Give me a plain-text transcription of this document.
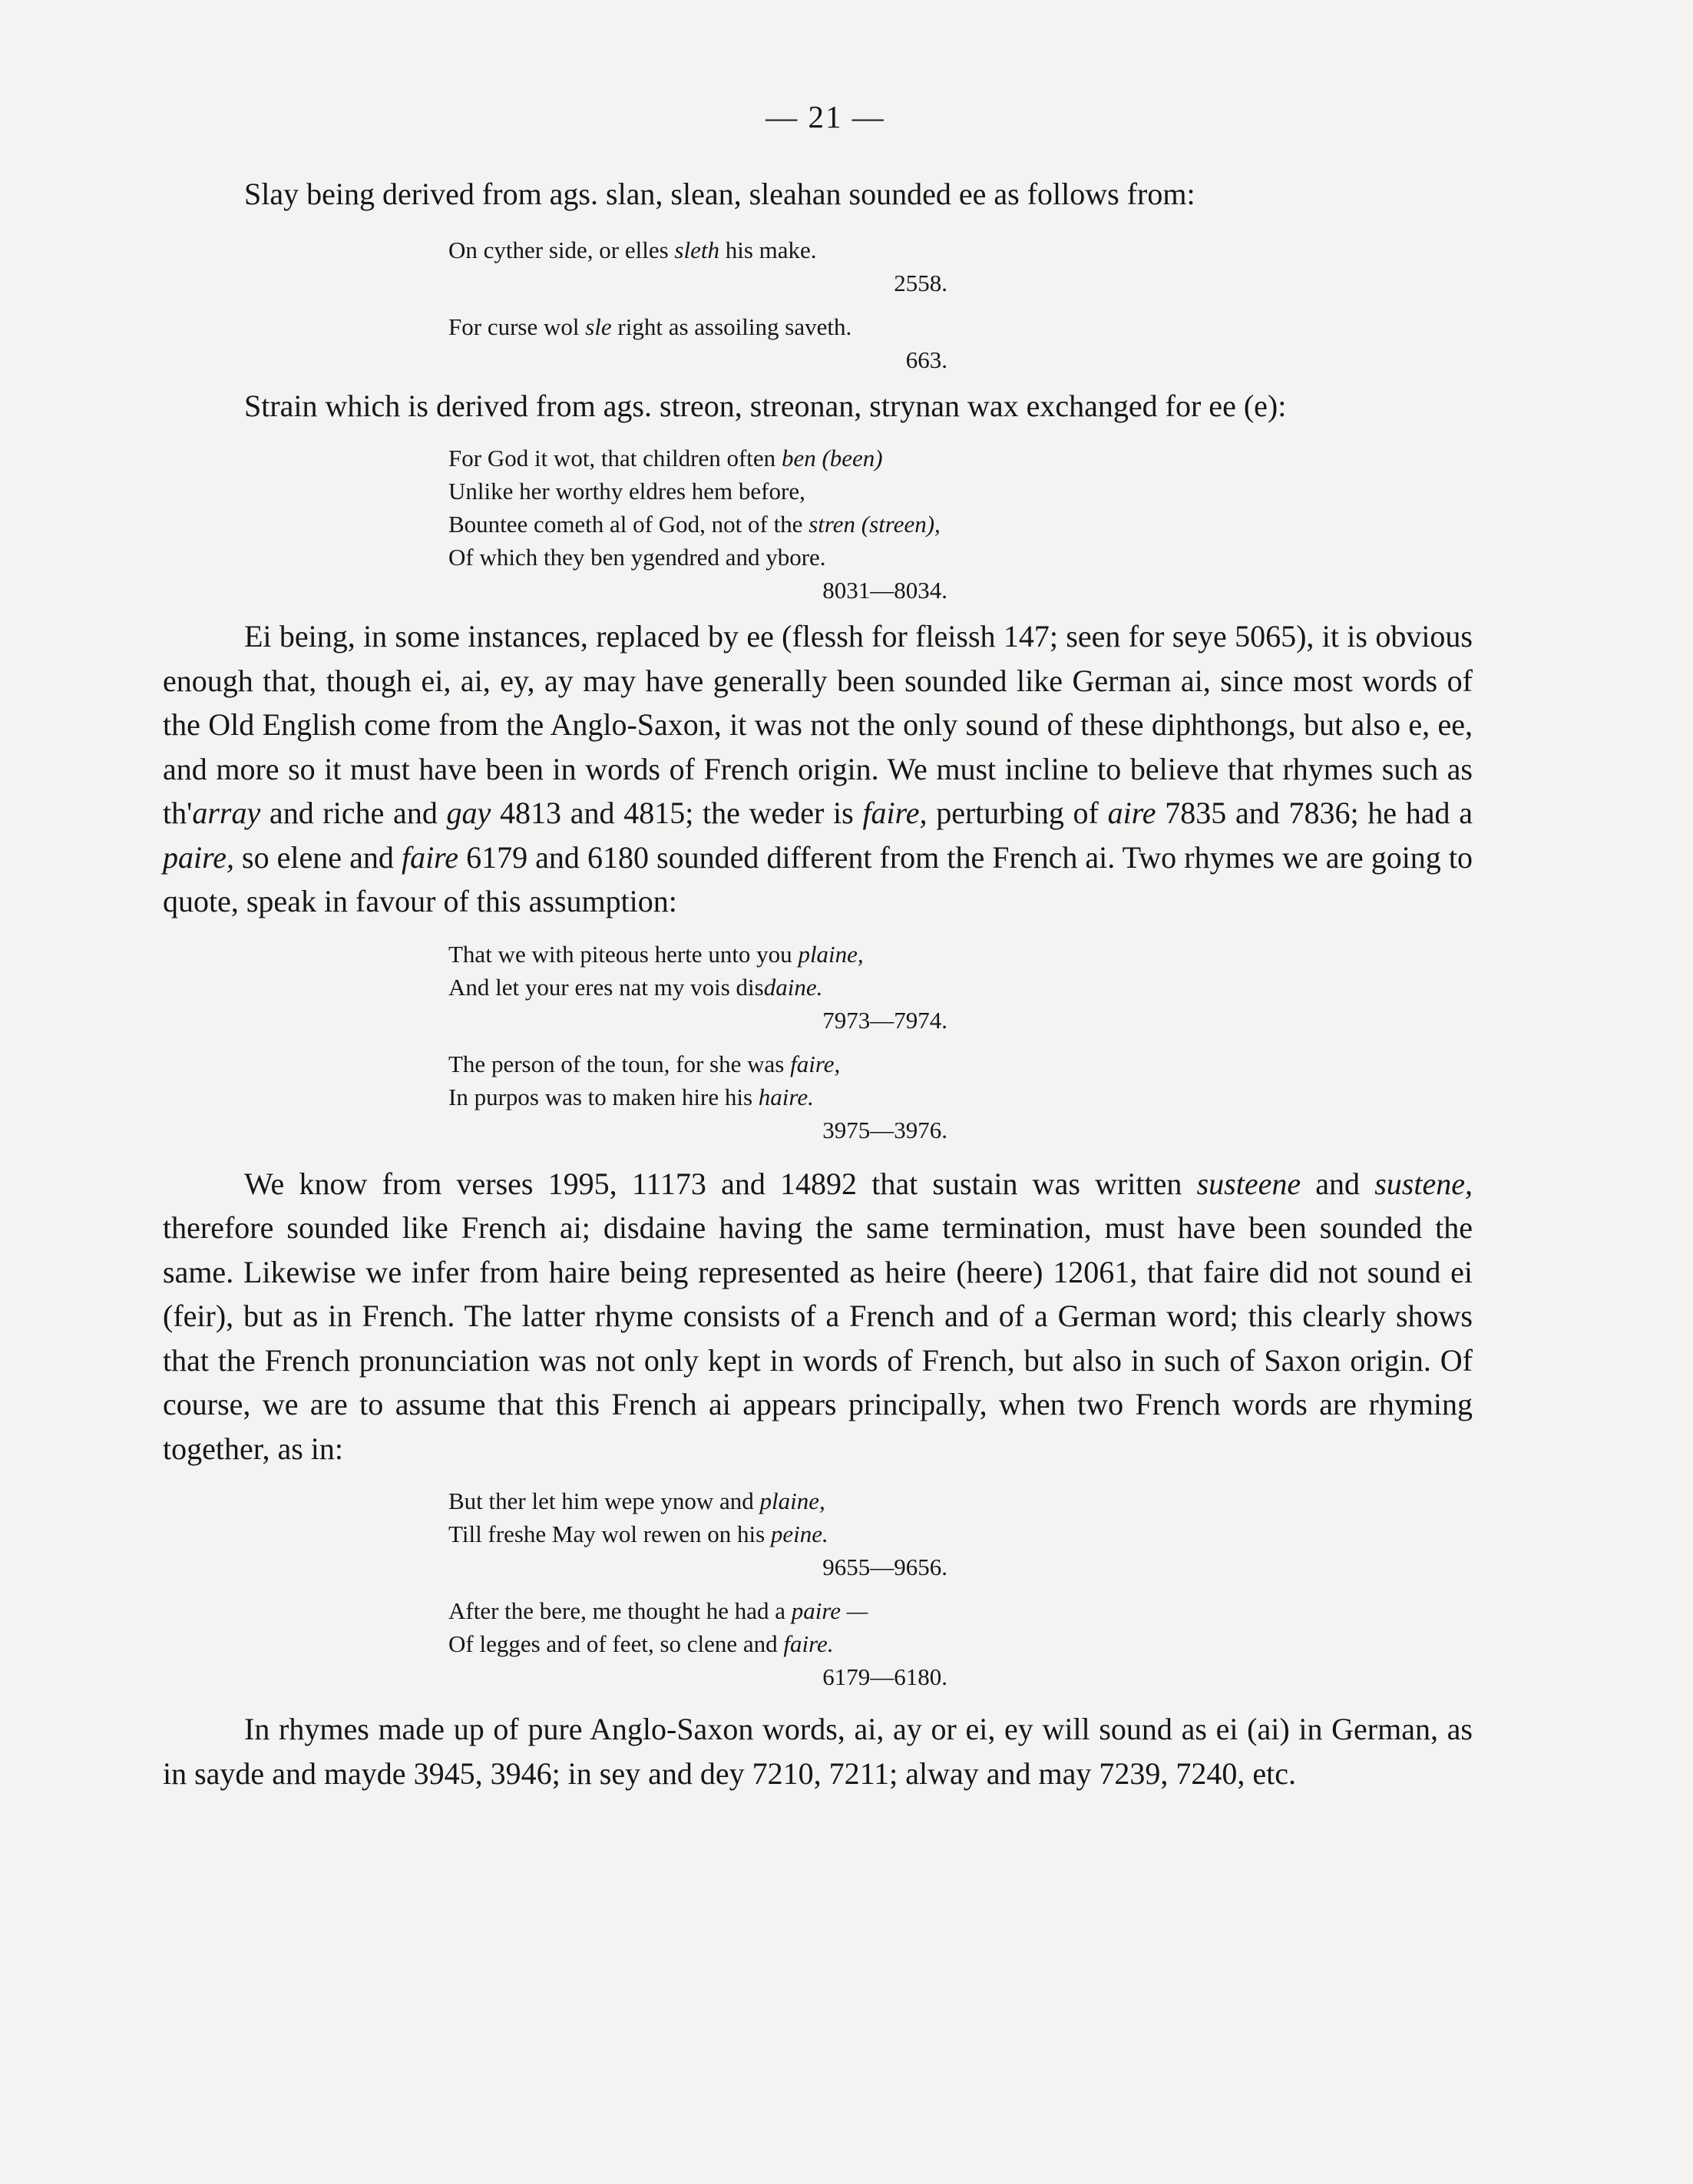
— 21 —

Slay being derived from ags. slan, slean, sleahan sounded ee as follows from:

On cyther side, or elles sleth his make.
2558.
For curse wol sle right as assoiling saveth.
663.

Strain which is derived from ags. streon, streonan, strynan wax exchanged for ee (e):

For God it wot, that children often ben (been)
Unlike her worthy eldres hem before,
Bountee cometh al of God, not of the stren (streen),
Of which they ben ygendred and ybore.
8031—8034.

Ei being, in some instances, replaced by ee (flessh for fleissh 147; seen for seye 5065), it is obvious enough that, though ei, ai, ey, ay may have generally been sounded like German ai, since most words of the Old English come from the Anglo-Saxon, it was not the only sound of these diphthongs, but also e, ee, and more so it must have been in words of French origin. We must incline to believe that rhymes such as th'array and riche and gay 4813 and 4815; the weder is faire, perturbing of aire 7835 and 7836; he had a paire, so elene and faire 6179 and 6180 sounded different from the French ai. Two rhymes we are going to quote, speak in favour of this assumption:

That we with piteous herte unto you plaine,
And let your eres nat my vois disdaine.
7973—7974.
The person of the toun, for she was faire,
In purpos was to maken hire his haire.
3975—3976.

We know from verses 1995, 11173 and 14892 that sustain was written susteene and sustene, therefore sounded like French ai; disdaine having the same termination, must have been sounded the same. Likewise we infer from haire being represented as heire (heere) 12061, that faire did not sound ei (feir), but as in French. The latter rhyme consists of a French and of a German word; this clearly shows that the French pronunciation was not only kept in words of French, but also in such of Saxon origin. Of course, we are to assume that this French ai appears principally, when two French words are rhyming together, as in:

But ther let him wepe ynow and plaine,
Till freshe May wol rewen on his peine.
9655—9656.
After the bere, me thought he had a paire —
Of legges and of feet, so clene and faire.
6179—6180.

In rhymes made up of pure Anglo-Saxon words, ai, ay or ei, ey will sound as ei (ai) in German, as in sayde and mayde 3945, 3946; in sey and dey 7210, 7211; alway and may 7239, 7240, etc.
